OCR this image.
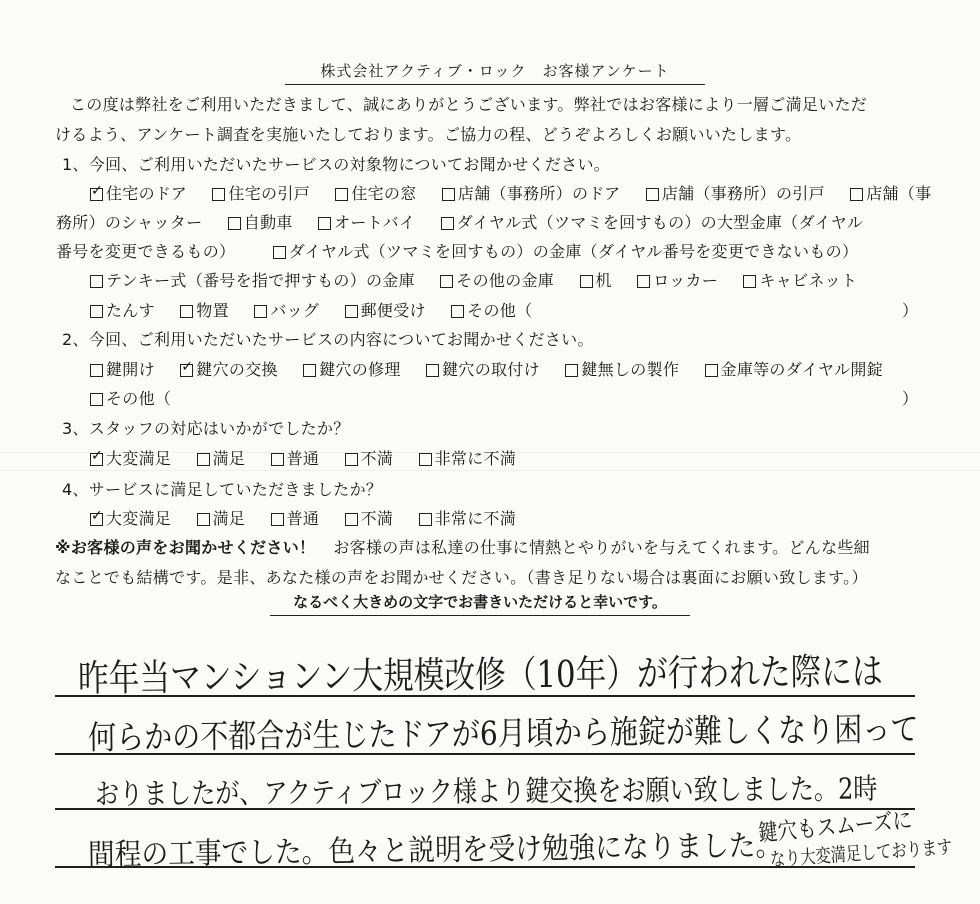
株式会社アクティブ・ロック　お客様アンケート
この度は弊社をご利用いただきまして、誠にありがとうございます。弊社ではお客様により一層ご満足いただ
けるよう、アンケート調査を実施いたしております。ご協力の程、どうぞよろしくお願いいたします。
1、今回、ご利用いただいたサービスの対象物についてお聞かせください。
✓住宅のドア	住宅の引戸	住宅の窓	店舗（事務所）のドア	店舗（事務所）の引戸	店舗（事
務所）のシャッター	自動車	オートバイ	ダイヤル式（ツマミを回すもの）の大型金庫（ダイヤル
番号を変更できるもの）	ダイヤル式（ツマミを回すもの）の金庫（ダイヤル番号を変更できないもの）
テンキー式（番号を指で押すもの）の金庫	その他の金庫	机	ロッカー	キャビネット
たんす	物置	バッグ	郵便受け	その他（	）
2、今回、ご利用いただいたサービスの内容についてお聞かせください。
鍵開け ✓	鍵穴の交換	鍵穴の修理	鍵穴の取付け	鍵無しの製作	金庫等のダイヤル開錠
その他（	）
3、スタッフの対応はいかがでしたか？
✓大変満足	満足	普通	不満	非常に不満
4、サービスに満足していただきましたか？
✓大変満足	満足	普通	不満	非常に不満
※お客様の声をお聞かせください！ お客様の声は私達の仕事に情熱とやりがいを与えてくれます。どんな些細
なことでも結構です。是非、あなた様の声をお聞かせください。（書き足りない場合は裏面にお願い致します。）
なるべく大きめの文字でお書きいただけると幸いです。
昨年当マンションン大規模改修（10年）が行われた際には
何らかの不都合が生じたドアが6月頃から施錠が難しくなり困って
おりましたが、アクティブロック様より鍵交換をお願い致しました。2時
間程の工事でした。色々と説明を受け勉強になりました。
鍵穴もスムーズに
なり大変満足しております
